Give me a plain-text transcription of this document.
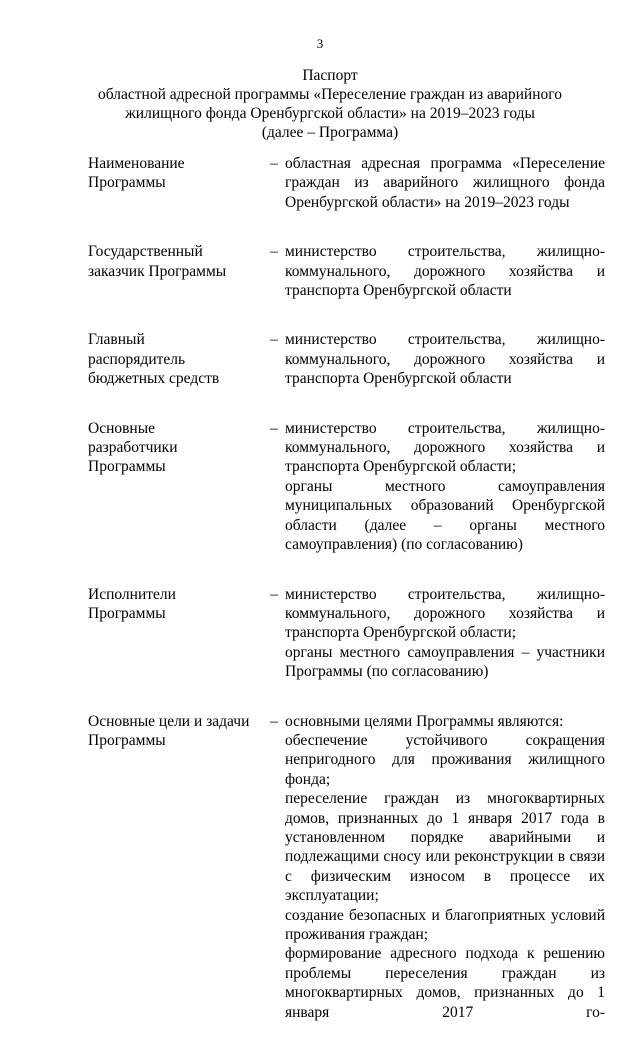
3
Паспорт
областной адресной программы «Переселение граждан из аварийного
жилищного фонда Оренбургской области» на 2019–2023 годы
(далее – Программа)
Наименование
Программы
– областная адресная программа «Переселение граждан из аварийного жилищного фонда Оренбургской области» на 2019–2023 годы

Государственный
заказчик Программы
– министерство строительства, жилищно-коммунального, дорожного хозяйства и транспорта Оренбургской области

Главный
распорядитель
бюджетных средств
– министерство строительства, жилищно-коммунального, дорожного хозяйства и транспорта Оренбургской области

Основные
разработчики
Программы
– министерство строительства, жилищно-коммунального, дорожного хозяйства и транспорта Оренбургской области;

органы местного самоуправления муниципальных образований Оренбургской области (далее – органы местного самоуправления) (по согласованию)

Исполнители
Программы
– министерство строительства, жилищно-коммунального, дорожного хозяйства и транспорта Оренбургской области;

органы местного самоуправления – участники Программы (по согласованию)

Основные цели и задачи
Программы
– основными целями Программы являются:

обеспечение устойчивого сокращения непригодного для проживания жилищного фонда;

переселение граждан из многоквартирных домов, признанных до 1 января 2017 года в установленном порядке аварийными и подлежащими сносу или реконструкции в связи с физическим износом в процессе их эксплуатации;

создание безопасных и благоприятных условий проживания граждан;

формирование адресного подхода к решению проблемы переселения граждан из многоквартирных домов, признанных до 1 января 2017 го-
